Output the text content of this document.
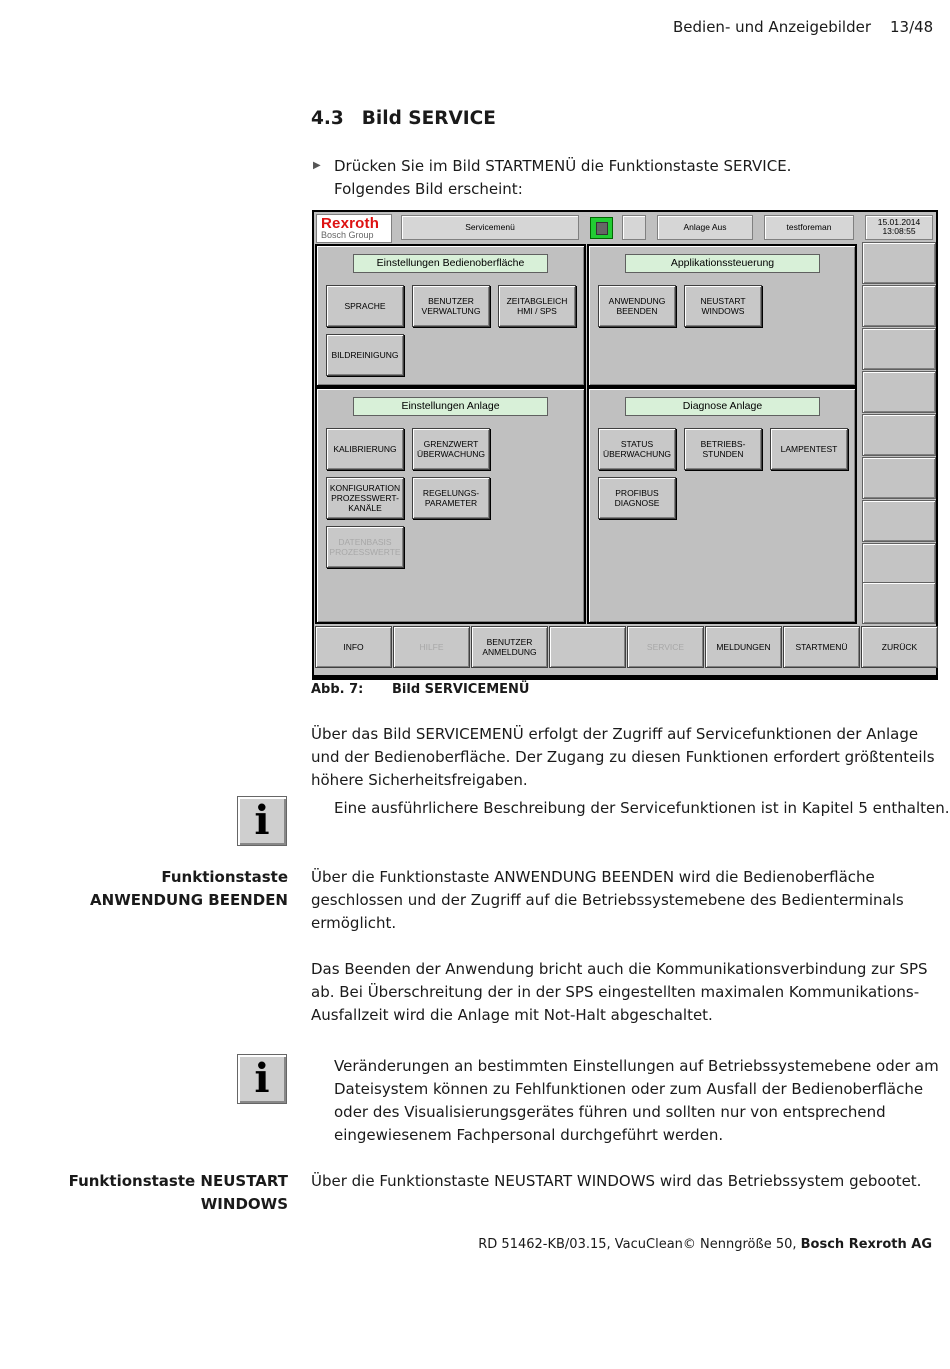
Bedien- und Anzeigebilder 13/48
4.3 Bild SERVICE
▶ Drücken Sie im Bild STARTMENÜ die Funktionstaste SERVICE.
Folgendes Bild erscheint:
Rexroth
Bosch Group
Servicemenü	Anlage Aus	testforeman	15.01.2014
13:08:55
Einstellungen Bedienoberfläche
SPRACHE	BENUTZER
VERWALTUNG
ZEITABGLEICH
HMI / SPS
BILDREINIGUNG
Applikationssteuerung
ANWENDUNG
BEENDEN
NEUSTART
WINDOWS
Einstellungen Anlage
KALIBRIERUNG	GRENZWERT
ÜBERWACHUNG
KONFIGURATION
PROZESSWERT-
KANÄLE
REGELUNGS-
PARAMETER
DATENBASIS
PROZESSWERTE
Diagnose Anlage
STATUS
ÜBERWACHUNG
BETRIEBS-
STUNDEN	LAMPENTEST
PROFIBUS
DIAGNOSE
INFO	HILFE	BENUTZER
ANMELDUNG	SERVICE	MELDUNGEN	STARTMENÜ	ZURÜCK
Abb. 7: Bild SERVICEMENÜ
Über das Bild SERVICEMENÜ erfolgt der Zugriff auf Servicefunktionen der Anlage
und der Bedienoberfläche. Der Zugang zu diesen Funktionen erfordert größtenteils
höhere Sicherheitsfreigaben.
i	Eine ausführlichere Beschreibung der Servicefunktionen ist in Kapitel 5 enthalten.
Funktionstaste
ANWENDUNG BEENDEN
Über die Funktionstaste ANWENDUNG BEENDEN wird die Bedienoberfläche
geschlossen und der Zugriff auf die Betriebssystemebene des Bedienterminals
ermöglicht.
Das Beenden der Anwendung bricht auch die Kommunikationsverbindung zur SPS
ab. Bei Überschreitung der in der SPS eingestellten maximalen Kommunikations-
Ausfallzeit wird die Anlage mit Not-Halt abgeschaltet.
i	Veränderungen an bestimmten Einstellungen auf Betriebssystemebene oder am
Dateisystem können zu Fehlfunktionen oder zum Ausfall der Bedienoberfläche
oder des Visualisierungsgerätes führen und sollten nur von entsprechend
eingewiesenem Fachpersonal durchgeführt werden.
Funktionstaste NEUSTART
WINDOWS
Über die Funktionstaste NEUSTART WINDOWS wird das Betriebssystem gebootet.
RD 51462-KB/03.15, VacuClean© Nenngröße 50, Bosch Rexroth AG
